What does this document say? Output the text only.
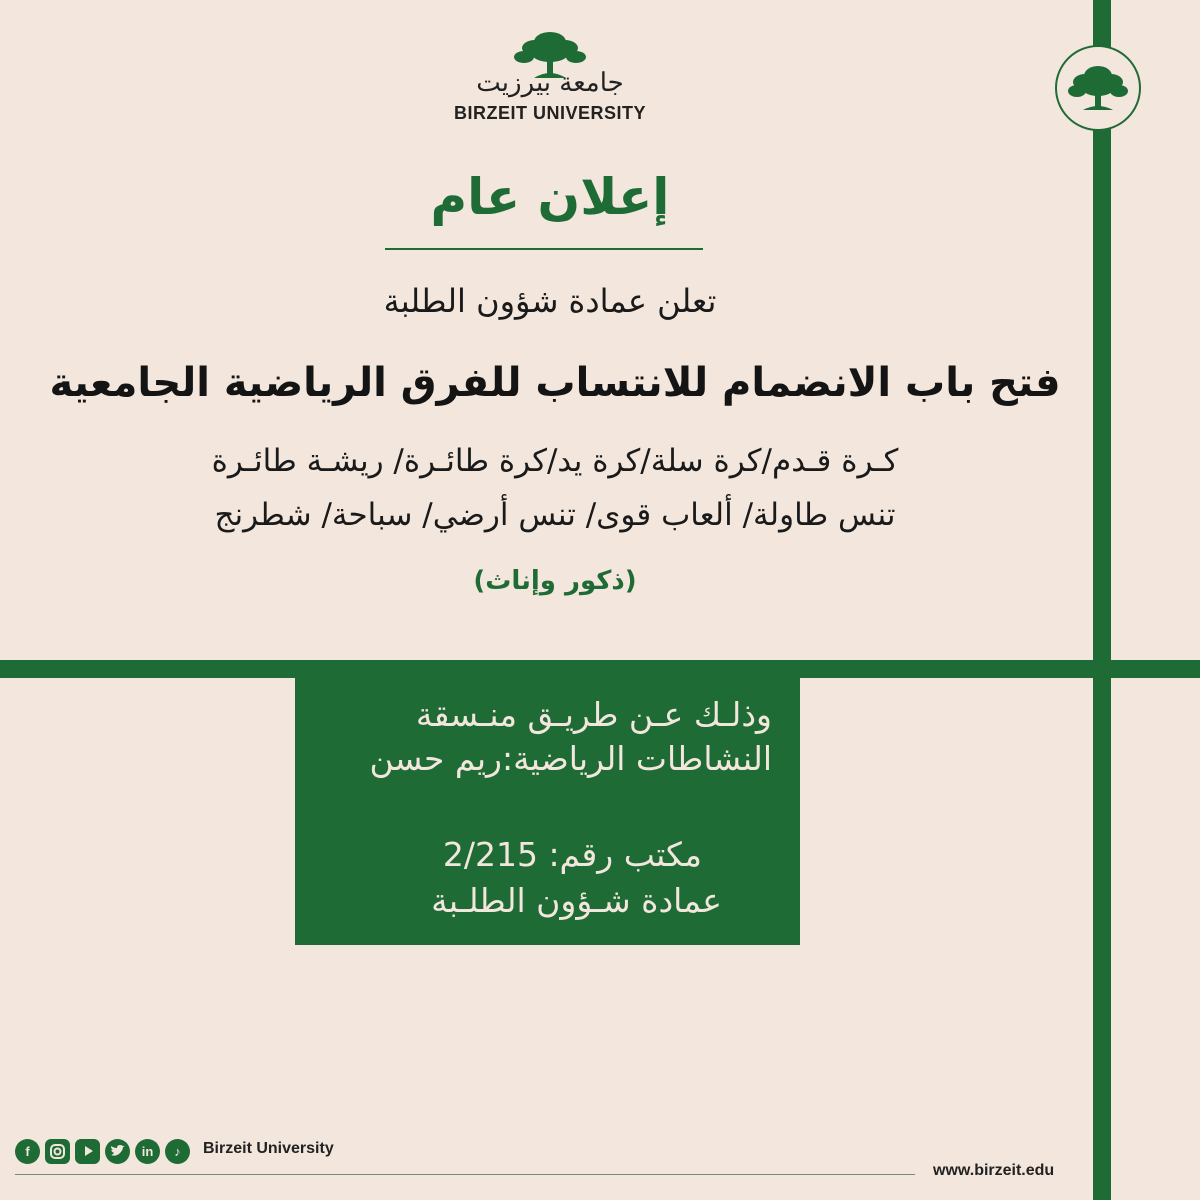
جامعة بيرزيت
BIRZEIT UNIVERSITY
إعلان عام
تعلن عمادة شؤون الطلبة
فتح باب الانضمام للانتساب للفرق الرياضية الجامعية
كـرة قـدم/كرة سلة/كرة يد/كرة طائـرة/ ريشـة طائـرة
تنس طاولة/ ألعاب قوى/ تنس أرضي/ سباحة/ شطرنج
(ذكور وإناث)
وذلـك عـن طريـق منـسقة
النشاطات الرياضية:ريم حسن
مكتب رقم: 2/215
عمادة شـؤون الطلـبة
f	in	♪	Birzeit University
www.birzeit.edu
